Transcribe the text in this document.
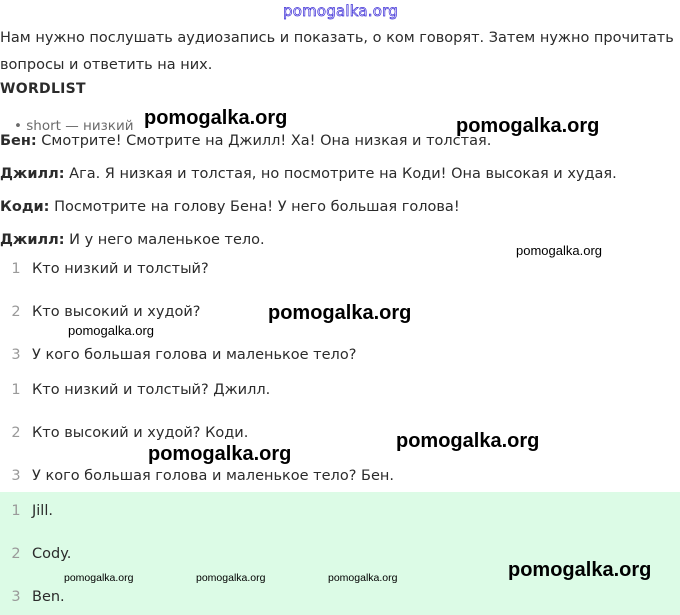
pomogalka.org
Нам нужно послушать аудиозапись и показать, о ком говорят. Затем нужно прочитать
вопросы и ответить на них.
WORDLIST
• short — низкий
Бен: Смотрите! Смотрите на Джилл! Ха! Она низкая и толстая.
Джилл: Ага. Я низкая и толстая, но посмотрите на Коди! Она высокая и худая.
Коди: Посмотрите на голову Бена! У него большая голова!
Джилл: И у него маленькое тело.
1 Кто низкий и толстый?
2 Кто высокий и худой?
3 У кого большая голова и маленькое тело?
1 Кто низкий и толстый? Джилл.
2 Кто высокий и худой? Коди.
3 У кого большая голова и маленькое тело? Бен.
1 Jill.
2 Cody.
3 Ben.
pomogalka.org	pomogalka.org
pomogalka.org
pomogalka.org
pomogalka.org
pomogalka.org
pomogalka.org
pomogalka.org
pomogalka.org	pomogalka.org	pomogalka.org
